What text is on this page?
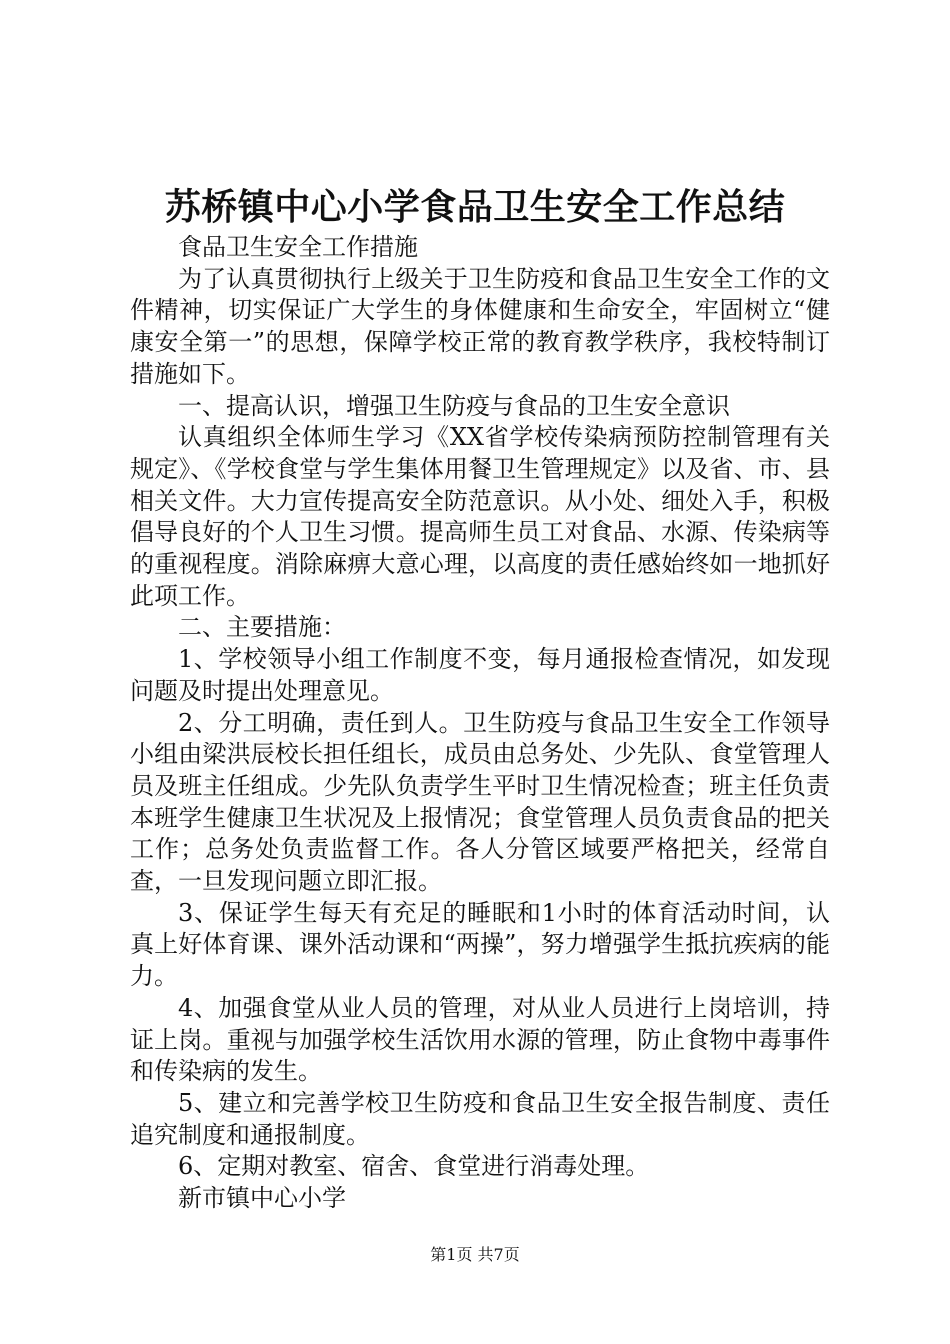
苏桥镇中心小学食品卫生安全工作总结

食品卫生安全工作措施

为了认真贯彻执行上级关于卫生防疫和食品卫生安全工作的文件精神，切实保证广大学生的身体健康和生命安全，牢固树立“健康安全第一”的思想，保障学校正常的教育教学秩序，我校特制订措施如下。

一、提高认识，增强卫生防疫与食品的卫生安全意识

认真组织全体师生学习《XX省学校传染病预防控制管理有关规定》、《学校食堂与学生集体用餐卫生管理规定》以及省、市、县相关文件。大力宣传提高安全防范意识。从小处、细处入手，积极倡导良好的个人卫生习惯。提高师生员工对食品、水源、传染病等的重视程度。消除麻痹大意心理，以高度的责任感始终如一地抓好此项工作。

二、主要措施：

1、学校领导小组工作制度不变，每月通报检查情况，如发现问题及时提出处理意见。

2、分工明确，责任到人。卫生防疫与食品卫生安全工作领导小组由梁洪辰校长担任组长，成员由总务处、少先队、食堂管理人员及班主任组成。少先队负责学生平时卫生情况检查；班主任负责本班学生健康卫生状况及上报情况；食堂管理人员负责食品的把关工作；总务处负责监督工作。各人分管区域要严格把关，经常自查，一旦发现问题立即汇报。

3、保证学生每天有充足的睡眠和1小时的体育活动时间，认真上好体育课、课外活动课和“两操”，努力增强学生抵抗疾病的能力。

4、加强食堂从业人员的管理，对从业人员进行上岗培训，持证上岗。重视与加强学校生活饮用水源的管理，防止食物中毒事件和传染病的发生。

5、建立和完善学校卫生防疫和食品卫生安全报告制度、责任追究制度和通报制度。

6、定期对教室、宿舍、食堂进行消毒处理。

新市镇中心小学

第1页 共7页
